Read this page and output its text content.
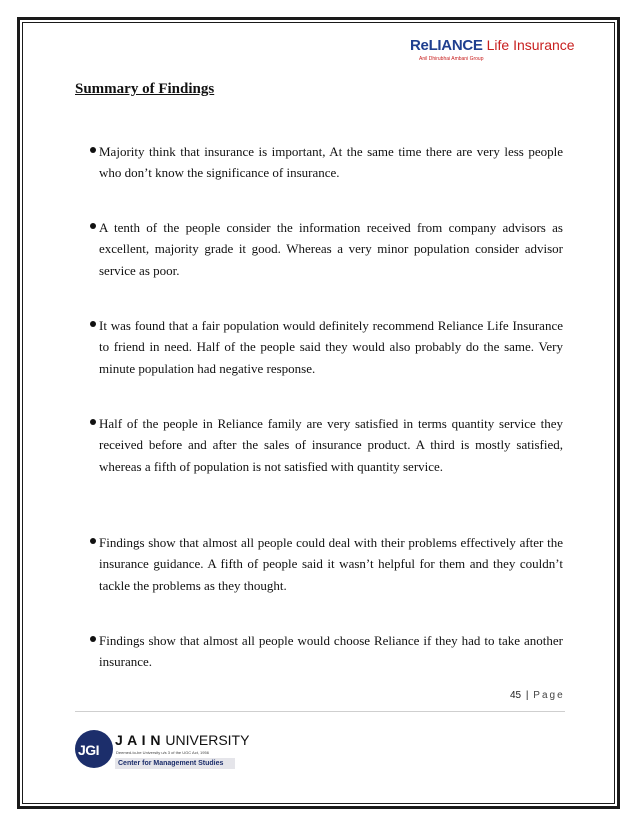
ReLIANCE Life Insurance
Anil Dhirubhai Ambani Group
Summary of Findings
Majority think that insurance is important, At the same time there are very less people who don’t know the significance of insurance.
A tenth of the people consider the information received from company advisors as excellent, majority grade it good. Whereas a very minor population consider advisor service as poor.
It was found that a fair population would definitely recommend Reliance Life Insurance to friend in need. Half of the people said they would also probably do the same. Very minute population had negative response.
Half of the people in Reliance family are very satisfied in terms quantity service they received before and after the sales of insurance product. A third is mostly satisfied, whereas a fifth of population is not satisfied with quantity service.
Findings show that almost all people could deal with their problems effectively after the insurance guidance. A fifth of people said it wasn’t helpful for them and they couldn’t tackle the problems as they thought.
Findings show that almost all people would choose Reliance if they had to take another insurance.
45 | Page
JGI
J A I N UNIVERSITY
Deemed-to-be University u/s 3 of the UGC Act, 1956
Center for Management Studies
